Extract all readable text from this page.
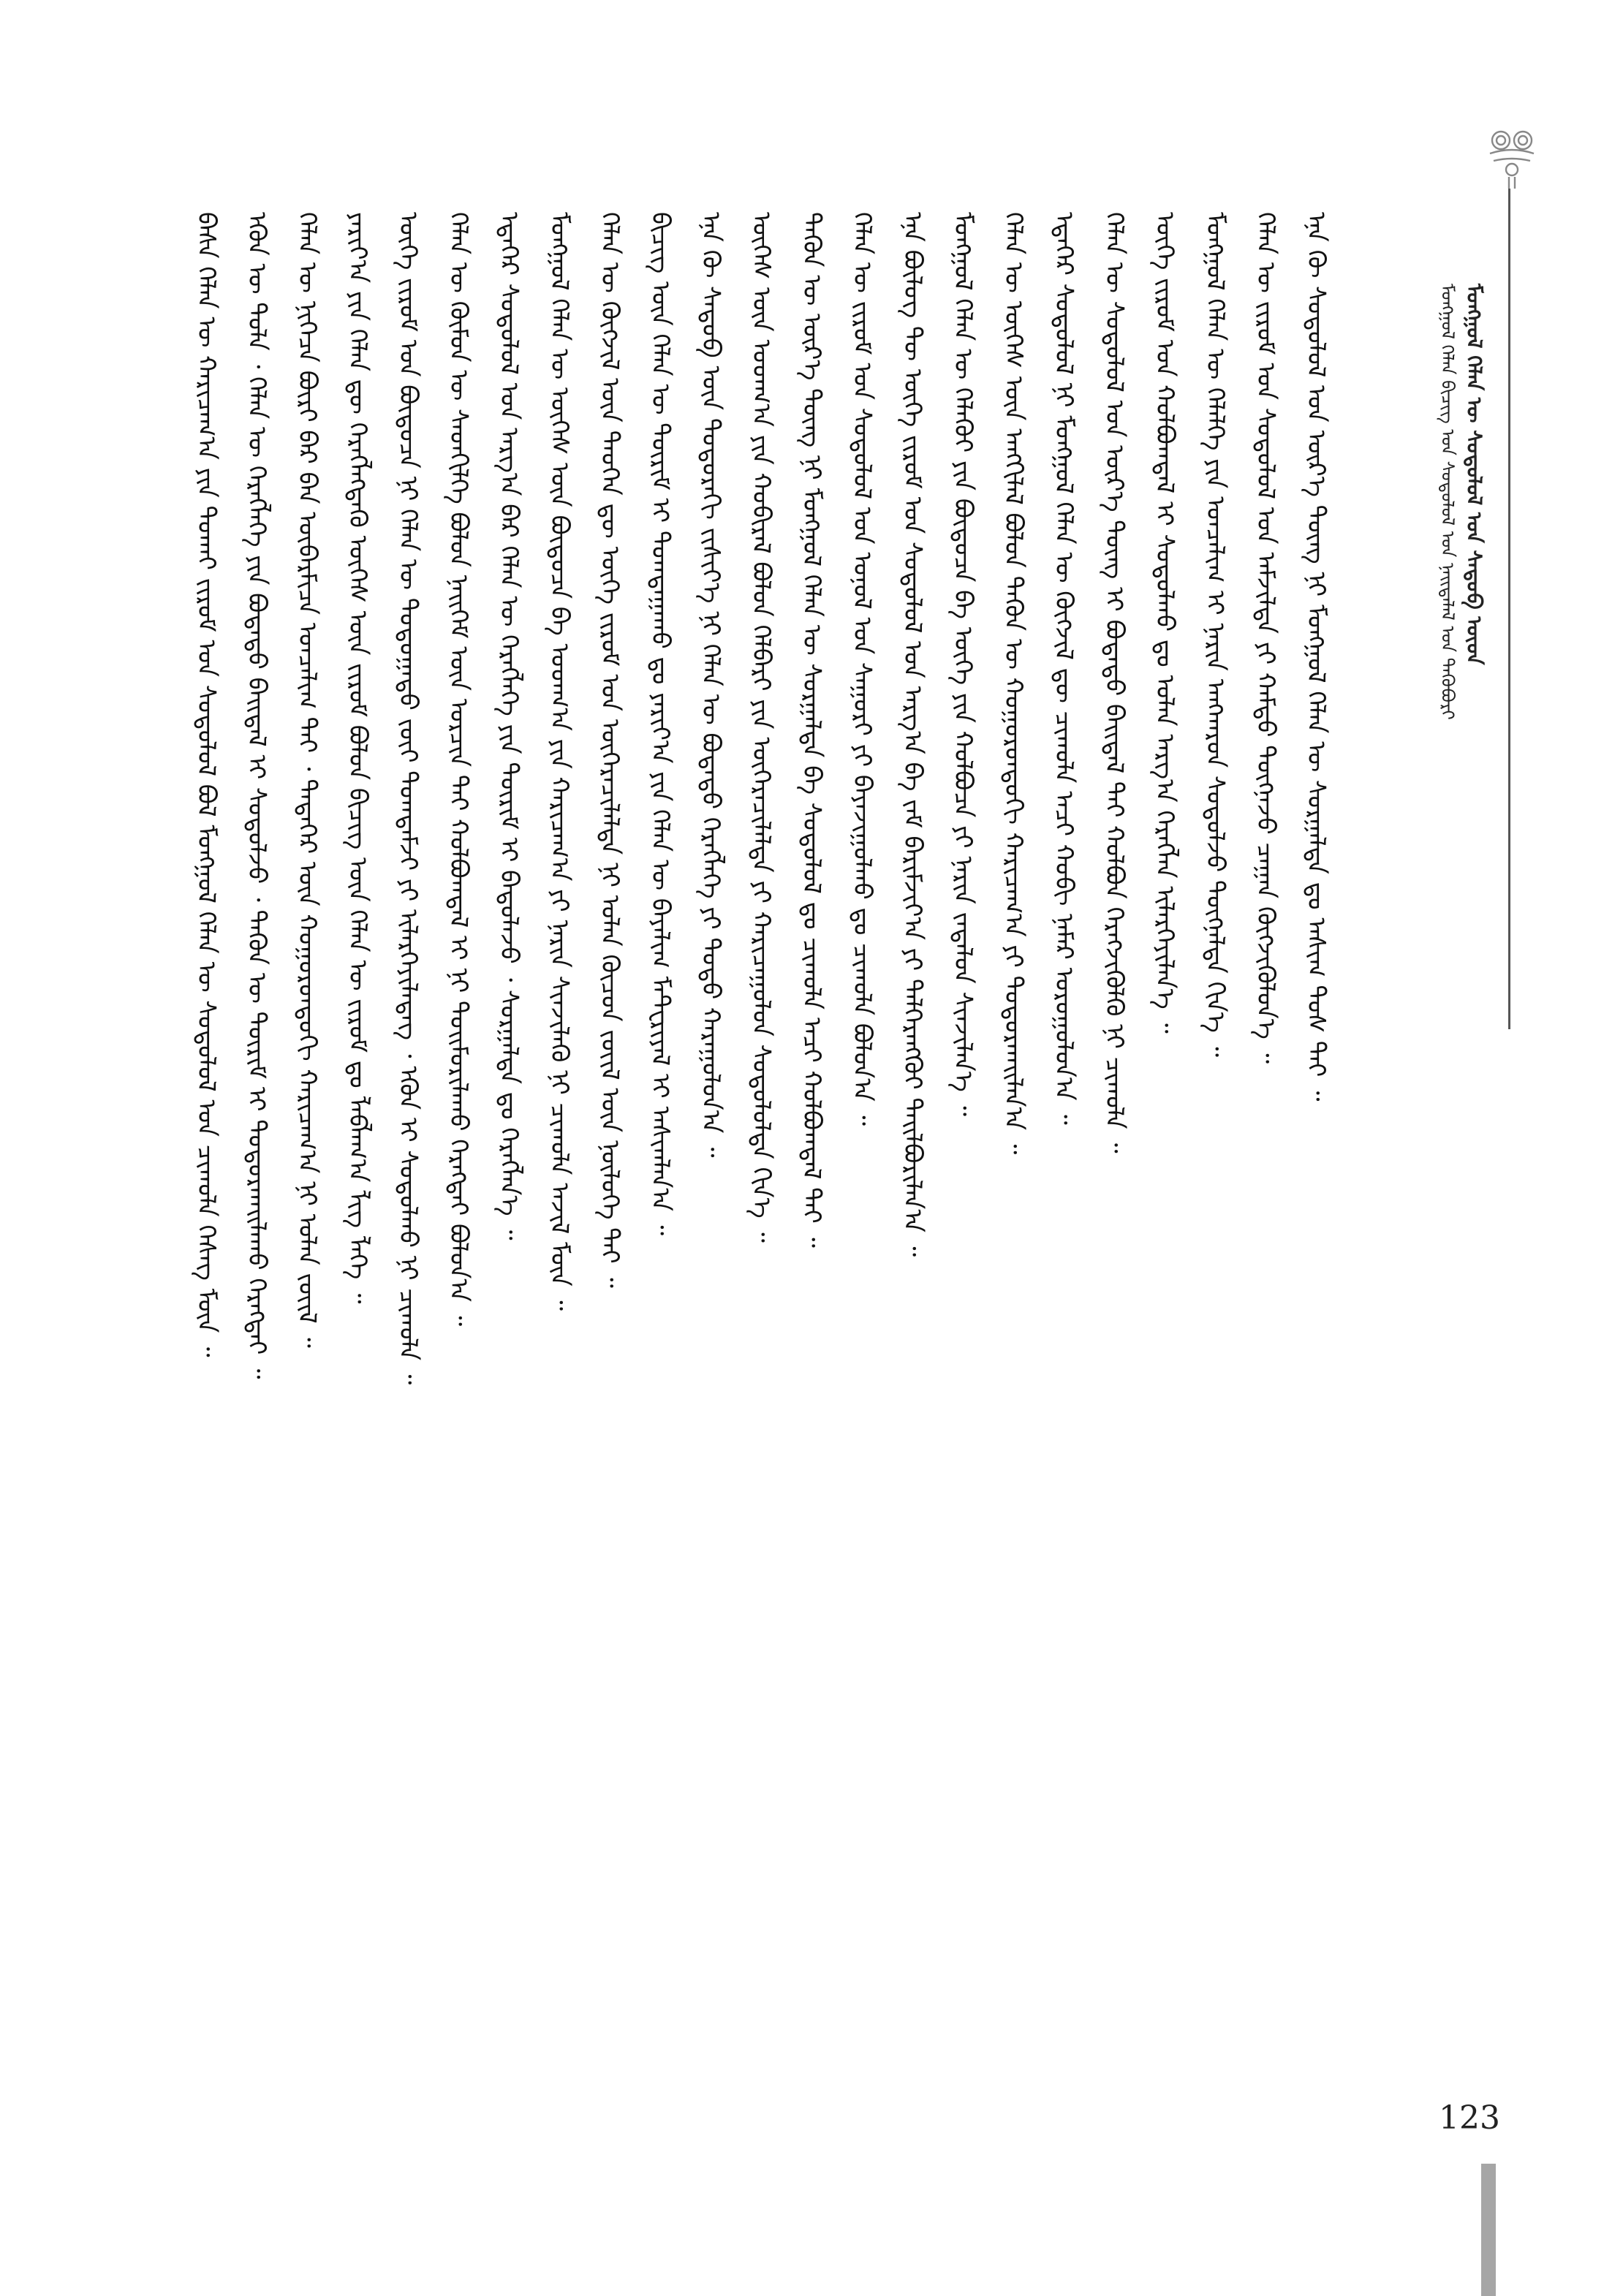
ᠮᠣᠩᠭᠤᠯ ᠬᠡᠯᠡᠨ ᠦ ᠰᠤᠳᠤᠯᠤᠯ ᠤᠨ ᠰᠡᠳᠦᠪ ᠦᠳ
ᠮᠣᠩᠭᠤᠯ ᠬᠡᠯᠡᠨ ᠪᠢᠴᠢᠭ ᠤᠨ ᠰᠤᠳᠤᠯᠤᠯ ᠤᠨ ᠨᠡᠢᠲᠡᠯᠡᠯ ᠤᠨ ᠲᠡᠭᠦᠪᠦᠷᠢ
ᠪᠠᠰᠠ ᠬᠡᠯᠡᠨ ᠦ ᠬᠠᠷᠢᠴᠠᠭ᠎ᠠ ᠶᠢᠨ ᠲᠤᠬᠠᠢ ᠵᠢᠷᠤᠮ ᠤᠨ ᠰᠤᠳᠤᠯᠤᠯ ᠪᠣᠯ ᠮᠣᠩᠭᠤᠯ ᠬᠡᠯᠡᠨ ᠦ ᠰᠤᠳᠤᠯᠤᠯ ᠤᠨ ᠴᠢᠬᠤᠯᠠ ᠬᠡᠰᠡᠭ ᠮᠥᠨ ᠃ ᠡᠭᠦᠨ ᠦ ᠲᠤᠯᠠ ᠂ ᠬᠡᠯᠡᠨ ᠦ ᠬᠡᠷᠡᠭᠯᠡᠭᠡ ᠶᠢᠨ ᠪᠣᠳᠠᠲᠤ ᠪᠠᠢᠳᠠᠯ ᠢ ᠰᠤᠳᠤᠯᠵᠤ ᠂ ᠲᠡᠭᠦᠨ ᠦ ᠳᠦᠷᠢᠮ ᠢ ᠲᠣᠳᠤᠷᠬᠠᠢᠯᠠᠬᠤ ᠬᠡᠷᠡᠭᠲᠡᠢ ᠃ ᠬᠡᠯᠡᠨ ᠦ ᠨᠢᠭᠡᠴᠡ ᠪᠦᠷᠢ ᠪᠡᠷ ᠪᠠᠨ ᠥᠪᠡᠷᠮᠢᠴᠡ ᠣᠨᠴᠠᠯᠢᠭ ᠲᠠᠢ ᠂ ᠲᠡᠳᠡᠭᠡᠷ ᠦᠨ ᠬᠣᠭᠣᠷᠣᠨᠳᠤᠬᠢ ᠬᠠᠷᠢᠴᠠᠭ᠎ᠠ ᠨᠢ ᠣᠯᠠᠨ ᠵᠦᠢᠯ ᠃ ᠶᠠᠷᠢᠶ᠎ᠠ ᠶᠢᠨ ᠬᠡᠯᠡᠨ ᠳᠦ ᠬᠡᠷᠡᠭᠯᠡᠭᠳᠡᠬᠦ ᠦᠭᠡᠰ ᠦᠨ ᠵᠢᠷᠤᠮ ᠪᠣᠯᠤᠨ ᠪᠢᠴᠢᠭ ᠦᠨ ᠬᠡᠯᠡᠨ ᠦ ᠵᠢᠷᠤᠮ ᠳᠤ ᠯᠠᠪᠯᠠᠭ᠎ᠠ ᠯᠢᠭ ᠯᠡᠭᠡ ᠃ ᠦᠭᠡ ᠵᠢᠷᠤᠮ ᠤᠨ ᠪᠦᠲᠦᠴᠡ ᠨᠢ ᠬᠡᠯᠡᠨ ᠦ ᠳᠣᠲᠣᠭᠠᠳᠤ ᠵᠦᠢ ᠲᠣᠭᠲᠠᠮᠵᠢ ᠶᠢ ᠢᠯᠡᠷᠬᠡᠶᠢᠯᠡᠳᠡᠭ ᠂ ᠡᠭᠦᠨ ᠢ ᠰᠤᠳᠤᠯᠬᠤ ᠨᠢ ᠴᠢᠬᠤᠯᠠ ᠃ ᠬᠡᠯᠡᠨ ᠦ ᠬᠦᠮᠦᠨ ᠦ ᠰᠡᠳᠬᠢᠯᠭᠡ ᠪᠣᠯᠤᠨ ᠨᠡᠢᠭᠡᠮ ᠦᠨ ᠣᠷᠴᠢᠨ ᠲᠠᠢ ᠬᠣᠯᠪᠣᠭᠳᠠᠯ ᠢ ᠨᠢ ᠲᠣᠢᠮᠣᠷᠢᠯᠠᠬᠤ ᠬᠡᠷᠡᠭᠲᠡᠢ ᠪᠣᠯᠤᠨ᠎ᠠ ᠃ ᠡᠳᠡᠭᠡᠷ ᠰᠤᠳᠤᠯᠤᠯ ᠤᠨ ᠠᠷᠭ᠎ᠠ ᠪᠠᠷ ᠬᠡᠯᠡᠨ ᠦ ᠬᠡᠷᠡᠭᠯᠡᠭᠡ ᠶᠢᠨ ᠳᠦᠷᠢᠮ ᠢ ᠪᠠᠲᠤᠯᠠᠵᠤ ᠂ ᠰᠤᠷᠭᠠᠯᠲᠠ ᠳᠤ ᠬᠡᠷᠡᠭᠯᠡᠨ᠎ᠡ ᠃ ᠮᠣᠩᠭᠤᠯ ᠬᠡᠯᠡᠨ ᠦ ᠦᠭᠡᠰ ᠦᠨ ᠪᠦᠲᠦᠴᠡ ᠪᠠ ᠤᠳᠬ᠎ᠠ ᠶᠢᠨ ᠬᠠᠷᠢᠴᠠᠭ᠎ᠠ ᠶᠢ ᠨᠠᠷᠢᠨ ᠰᠢᠨᠵᠢᠯᠡᠬᠦ ᠨᠢ ᠴᠢᠬᠤᠯᠠ ᠠᠵᠢᠯ ᠮᠥᠨ ᠃ ᠬᠡᠯᠡᠨ ᠦ ᠬᠥᠭᠵᠢᠯ ᠦᠨ ᠲᠡᠦᠬᠡᠨ ᠳᠦ ᠦᠭᠡ ᠵᠢᠷᠤᠮ ᠤᠨ ᠥᠭᠡᠷᠡᠴᠢᠯᠡᠯᠲᠡ ᠨᠢ ᠣᠯᠠᠨ ᠬᠦᠴᠦᠨ ᠵᠦᠢᠯ ᠦᠨ ᠨᠥᠯᠥᠭᠡ ᠲᠠᠢ ᠃ ᠪᠢᠴᠢᠭ ᠦᠨ ᠬᠡᠯᠡᠨ ᠦ ᠳᠦᠷᠢᠮ ᠢ ᠲᠣᠭᠲᠠᠭᠠᠬᠤ ᠳᠤ ᠶᠠᠷᠢᠶ᠎ᠠ ᠶᠢᠨ ᠬᠡᠯᠡᠨ ᠦ ᠪᠠᠶᠠᠯᠢᠭ ᠮᠠᠲᠧᠷᠢᠶᠠᠯ ᠢ ᠠᠰᠢᠭᠯᠠᠨ᠎ᠠ ᠃ ᠡᠨᠡ ᠬᠦ ᠰᠡᠳᠦᠪ ᠦᠨ ᠳᠣᠲᠣᠷᠠᠬᠢ ᠵᠢᠱᠢᠶ᠎ᠡ ᠨᠢ ᠬᠡᠯᠡᠨ ᠦ ᠪᠣᠳᠠᠲᠤ ᠬᠡᠷᠡᠭᠯᠡᠭᠡ ᠶᠢ ᠲᠣᠳᠤ ᠬᠠᠷᠠᠭᠤᠯᠤᠨ᠎ᠠ ᠃ ᠦᠭᠡᠰ ᠦᠨ ᠤᠳᠬ᠎ᠠ ᠶᠢᠨ ᠬᠤᠪᠢᠷᠠᠯ ᠪᠣᠯᠤᠨ ᠬᠡᠯᠪᠡᠷᠢ ᠶᠢᠨ ᠥᠭᠡᠷᠡᠴᠢᠯᠡᠯᠲᠡ ᠶᠢ ᠬᠠᠷᠢᠴᠠᠭᠤᠯᠤᠨ ᠰᠤᠳᠤᠯᠤᠯᠲᠠ ᠬᠢᠨ᠎ᠡ ᠃ ᠲᠡᠭᠦᠨ ᠦ ᠦᠷ᠎ᠡ ᠳᠦᠩ ᠨᠢ ᠮᠣᠩᠭᠤᠯ ᠬᠡᠯᠡᠨ ᠦ ᠰᠤᠷᠭᠠᠯᠲᠠ ᠪᠠ ᠰᠤᠳᠤᠯᠤᠯ ᠳᠤ ᠴᠢᠬᠤᠯᠠ ᠠᠴᠢ ᠬᠣᠯᠪᠣᠭᠳᠠᠯ ᠲᠠᠢ ᠃ ᠬᠡᠯᠡᠨ ᠦ ᠵᠢᠷᠤᠮ ᠤᠨ ᠰᠤᠳᠤᠯᠤᠯ ᠤᠨ ᠣᠨᠣᠯ ᠤᠨ ᠰᠠᠭᠤᠷᠢ ᠶᠢ ᠪᠠᠶᠠᠵᠢᠭᠤᠯᠬᠤ ᠳᠤ ᠴᠢᠬᠤᠯᠠ ᠪᠣᠯᠤᠨ᠎ᠠ ᠃ ᠡᠨᠡ ᠪᠦᠯᠦᠭ ᠲᠦ ᠦᠭᠡ ᠵᠢᠷᠤᠮ ᠤᠨ ᠰᠤᠳᠤᠯᠤᠯ ᠤᠨ ᠠᠷᠭ᠎ᠠ ᠪᠠ ᠵᠠᠮ ᠪᠠᠷᠢᠮᠵᠢᠶ᠎ᠠ ᠶᠢ ᠳᠡᠯᠭᠡᠷᠡᠩᠭᠦᠢ ᠲᠠᠢᠯᠪᠤᠷᠢᠯᠠᠨ᠎ᠠ ᠃ ᠮᠣᠩᠭᠤᠯ ᠬᠡᠯᠡᠨ ᠦ ᠬᠡᠯᠡᠬᠦᠢ ᠶᠢᠨ ᠪᠦᠲᠦᠴᠡ ᠪᠠ ᠦᠭᠡ ᠶᠢᠨ ᠬᠣᠯᠪᠣᠴᠠ ᠶᠢ ᠨᠠᠷᠢᠨ ᠵᠠᠳᠠᠯᠤᠨ ᠰᠢᠨᠵᠢᠯᠡᠨ᠎ᠡ ᠃ ᠬᠡᠯᠡᠨ ᠦ ᠦᠭᠡᠰ ᠦᠨ ᠠᠩᠭᠢᠯᠠᠯ ᠪᠣᠯᠤᠨ ᠲᠡᠭᠦᠨ ᠦ ᠬᠣᠭᠣᠷᠣᠨᠳᠤᠬᠢ ᠬᠠᠷᠢᠴᠠᠭ᠎ᠠ ᠶᠢ ᠲᠣᠳᠤᠷᠬᠠᠢᠯᠠᠨ᠎ᠠ ᠃ ᠡᠳᠡᠭᠡᠷ ᠰᠤᠳᠤᠯᠤᠯ ᠨᠢ ᠮᠣᠩᠭᠤᠯ ᠬᠡᠯᠡᠨ ᠦ ᠬᠥᠭᠵᠢᠯ ᠳᠦ ᠴᠢᠬᠤᠯᠠ ᠠᠴᠢ ᠬᠤᠪᠢ ᠨᠡᠮᠡᠷ ᠣᠷᠣᠭᠤᠯᠤᠨ᠎ᠠ ᠃ ᠬᠡᠯᠡᠨ ᠦ ᠰᠤᠳᠤᠯᠤᠯ ᠤᠨ ᠦᠷ᠎ᠡ ᠳᠦᠩ ᠢ ᠪᠣᠳᠠᠲᠤ ᠪᠠᠢᠳᠠᠯ ᠲᠠᠢ ᠬᠣᠯᠪᠣᠨ ᠬᠡᠷᠡᠭᠵᠢᠭᠦᠯᠬᠦ ᠨᠢ ᠴᠢᠬᠤᠯᠠ ᠃ ᠦᠭᠡ ᠵᠢᠷᠤᠮ ᠤᠨ ᠬᠣᠯᠪᠣᠭᠳᠠᠯ ᠢ ᠰᠤᠳᠤᠯᠬᠤ ᠳᠤ ᠣᠯᠠᠨ ᠠᠷᠭ᠎ᠠ ᠬᠡᠷᠡᠭᠯᠡᠨ ᠢᠯᠡᠷᠬᠡᠶᠢᠯᠡᠨ᠎ᠡ ᠃ ᠮᠣᠩᠭᠤᠯ ᠬᠡᠯᠡᠨ ᠦ ᠬᠡᠯᠡᠯᠭᠡ ᠶᠢᠨ ᠣᠨᠴᠠᠯᠢᠭ ᠢ ᠨᠠᠷᠢᠨ ᠠᠩᠬᠠᠷᠤᠨ ᠰᠤᠳᠤᠯᠵᠤ ᠳᠦᠭᠨᠡᠯᠲᠡ ᠬᠢᠨ᠎ᠡ ᠃ ᠬᠡᠯᠡᠨ ᠦ ᠵᠢᠷᠤᠮ ᠤᠨ ᠰᠤᠳᠤᠯᠤᠯ ᠤᠨ ᠠᠮᠵᠢᠯᠲᠠ ᠶᠢ ᠬᠠᠮᠲᠤ ᠳᠦᠭᠨᠡᠵᠦ ᠴᠠᠭᠠᠨ ᠬᠥᠭᠵᠢᠭᠦᠯᠦᠨ᠎ᠡ ᠃ ᠡᠨᠡ ᠬᠦ ᠰᠤᠳᠤᠯᠤᠯ ᠤᠨ ᠦᠷ᠎ᠡ ᠳᠦᠩ ᠨᠢ ᠮᠣᠩᠭᠤᠯ ᠬᠡᠯᠡᠨ ᠦ ᠰᠤᠷᠭᠠᠯᠲᠠ ᠳᠤ ᠠᠰᠢᠭ ᠲᠤᠰ ᠲᠠᠢ ᠃
123
